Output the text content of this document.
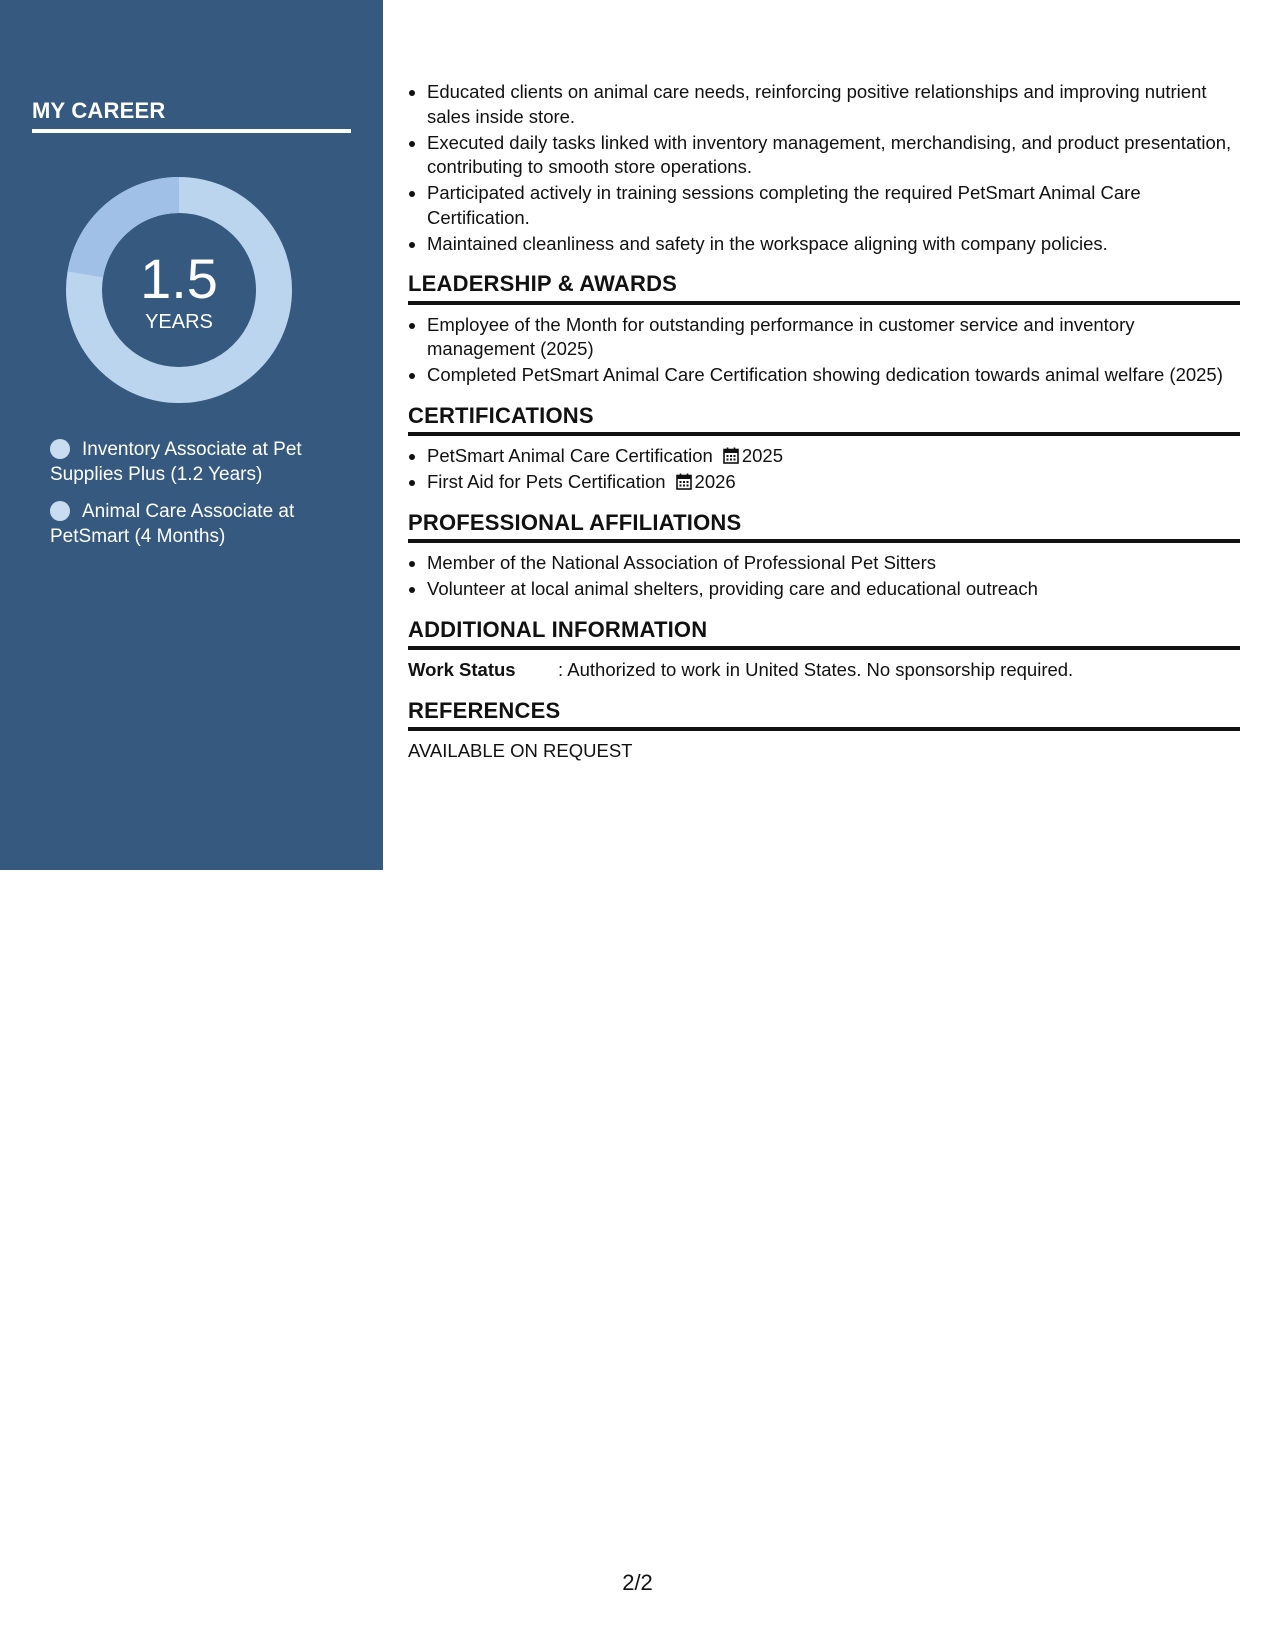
MY CAREER
1.5
YEARS
Inventory Associate at Pet Supplies Plus (1.2 Years)
Animal Care Associate at PetSmart (4 Months)
• Educated clients on animal care needs, reinforcing positive relationships and improving nutrient sales inside store.
• Executed daily tasks linked with inventory management, merchandising, and product presentation, contributing to smooth store operations.
• Participated actively in training sessions completing the required PetSmart Animal Care Certification.
• Maintained cleanliness and safety in the workspace aligning with company policies.
LEADERSHIP & AWARDS
• Employee of the Month for outstanding performance in customer service and inventory management (2025)
• Completed PetSmart Animal Care Certification showing dedication towards animal welfare (2025)
CERTIFICATIONS
• PetSmart Animal Care Certification 2025
• First Aid for Pets Certification 2026
PROFESSIONAL AFFILIATIONS
• Member of the National Association of Professional Pet Sitters
• Volunteer at local animal shelters, providing care and educational outreach
ADDITIONAL INFORMATION
Work Status	: Authorized to work in United States. No sponsorship required.
REFERENCES
AVAILABLE ON REQUEST
2/2
